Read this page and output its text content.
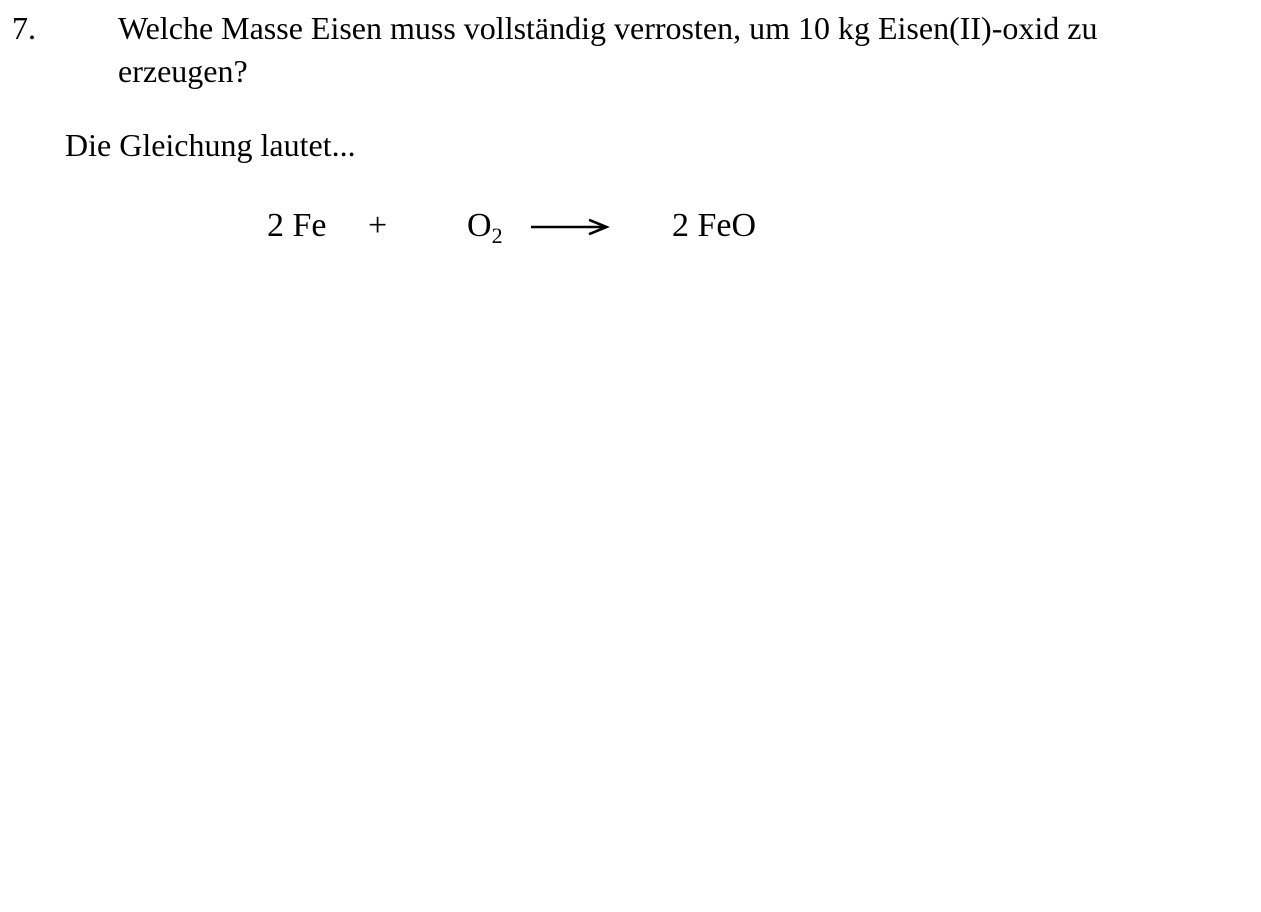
7.	Welche Masse Eisen muss vollständig verrosten, um 10 kg Eisen(II)-oxid zu
erzeugen?
Die Gleichung lautet...
2 $Fe + O_2$	2 FeO
